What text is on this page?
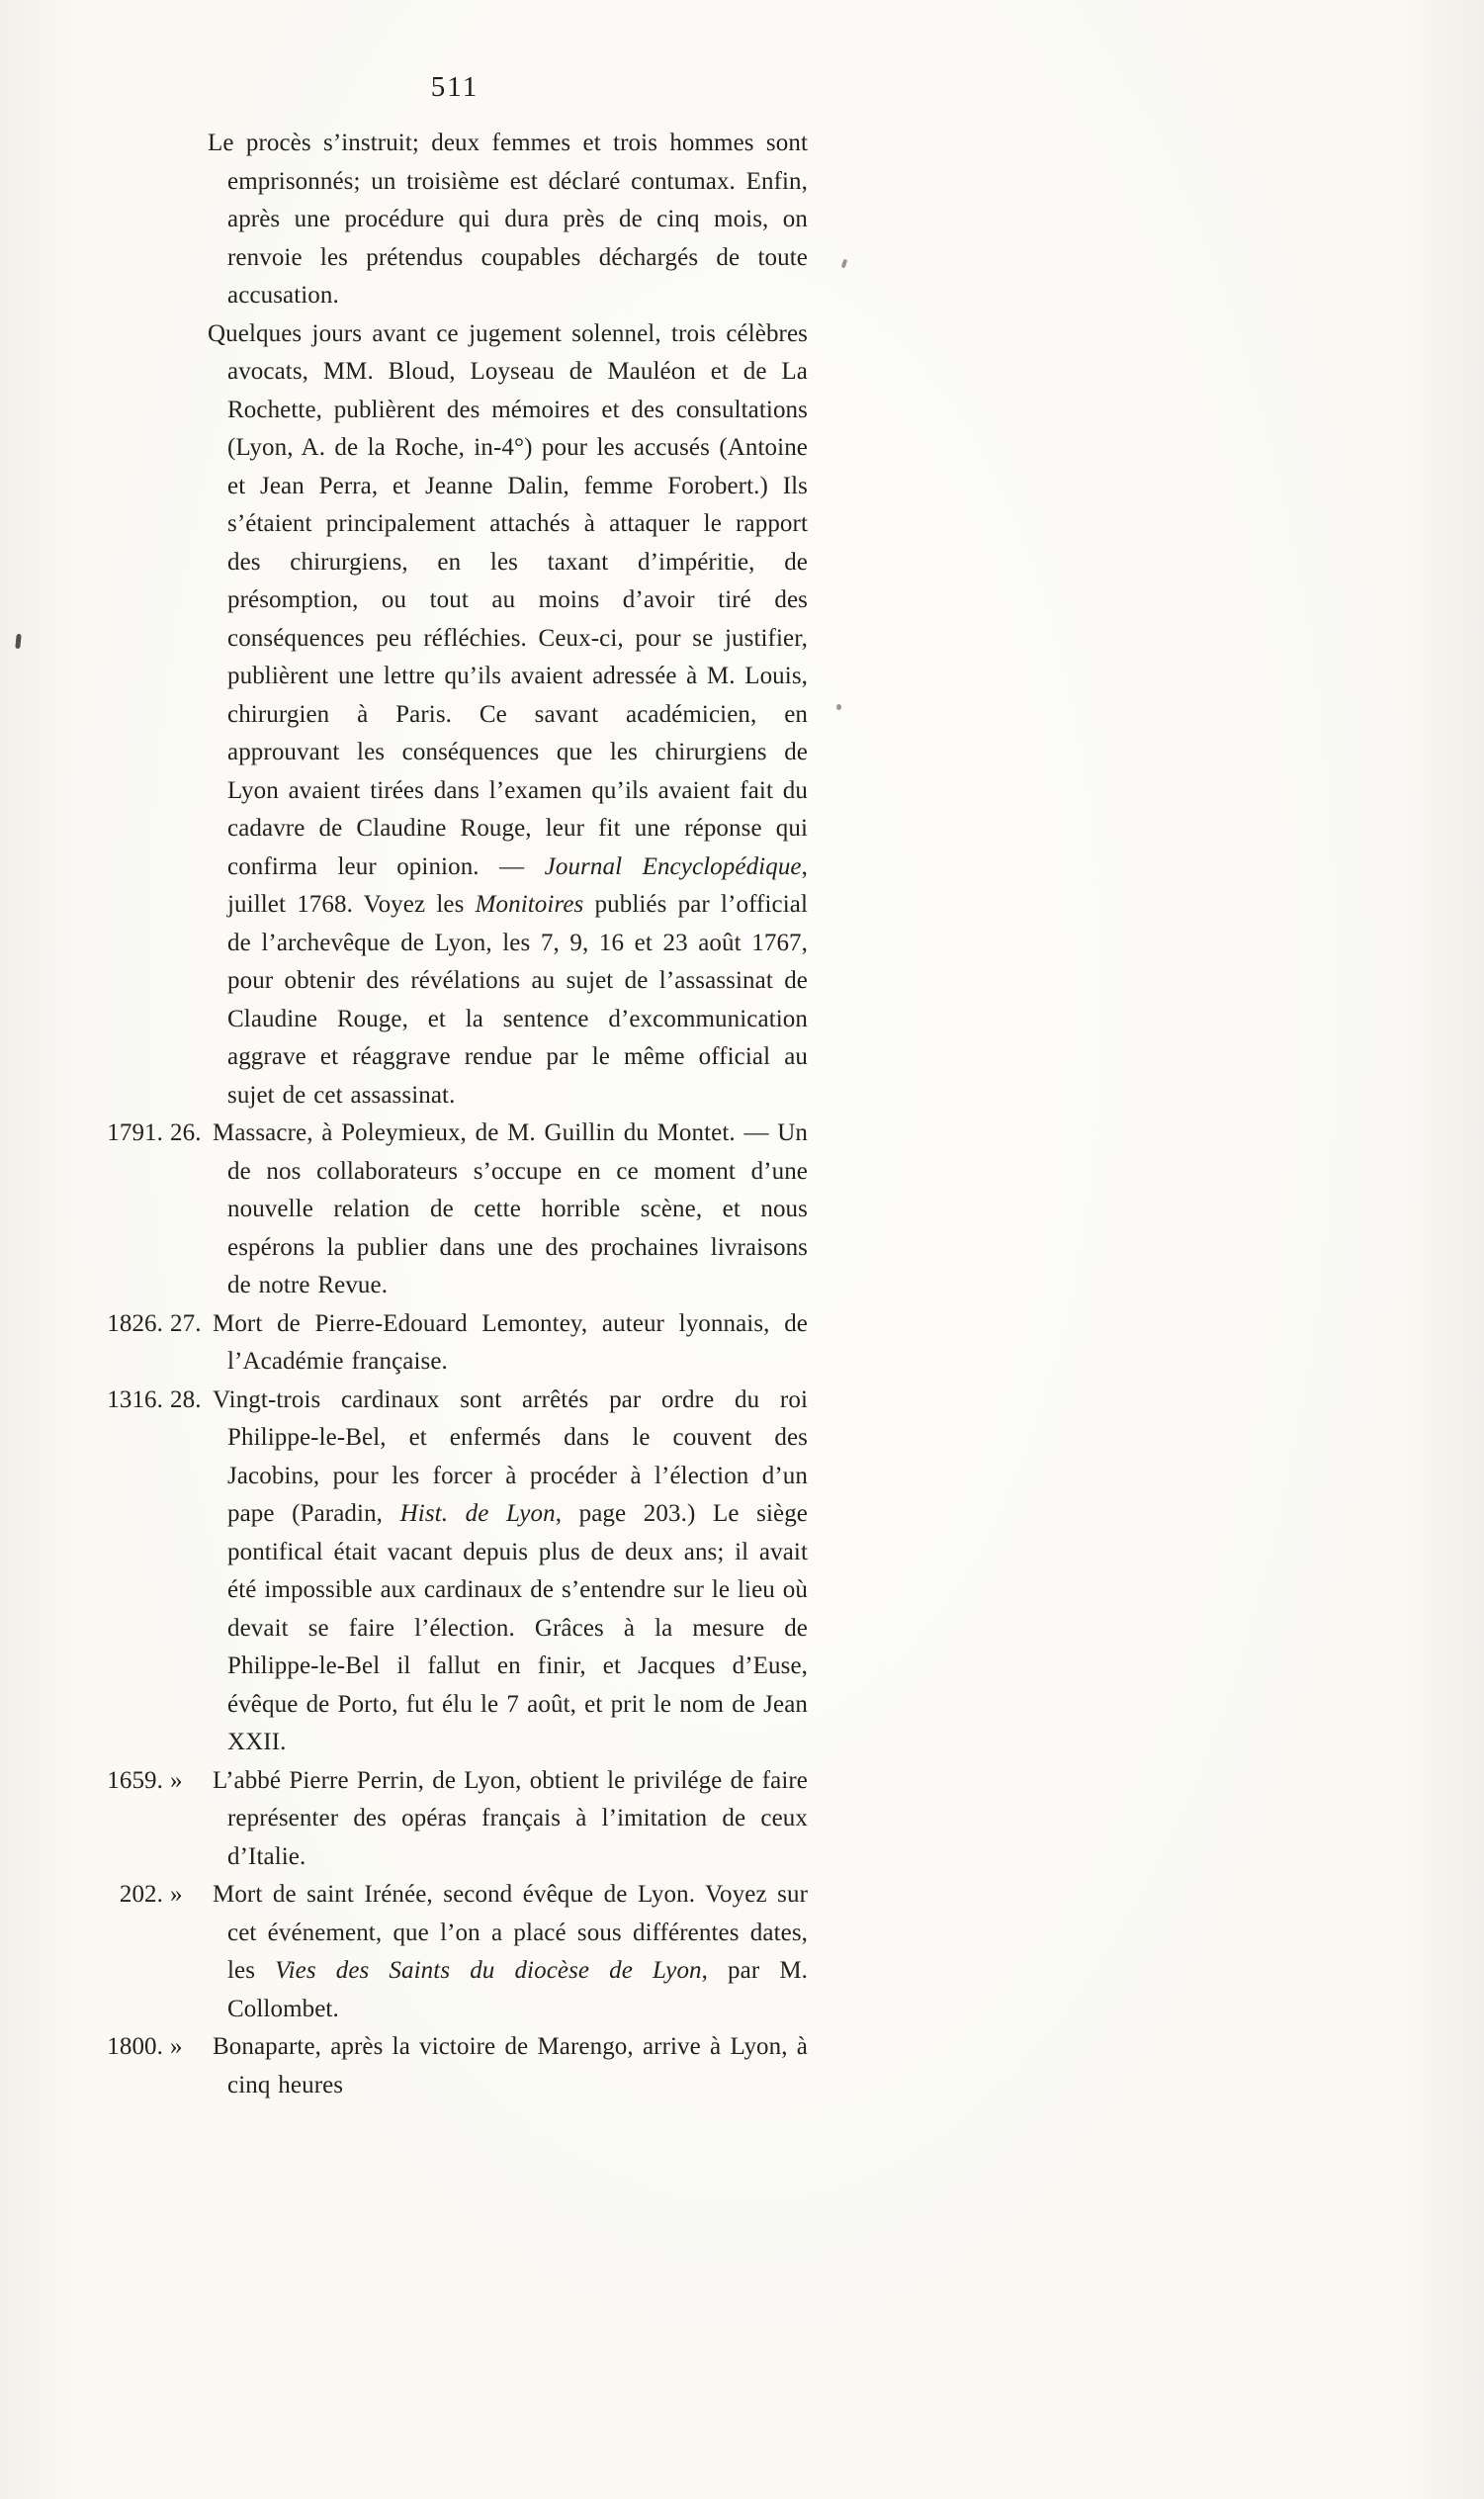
511

Le procès s’instruit; deux femmes et trois hommes sont emprisonnés; un troisième est déclaré contumax. Enfin, après une procédure qui dura près de cinq mois, on renvoie les prétendus coupables déchargés de toute accusation.

Quelques jours avant ce jugement solennel, trois célèbres avocats, MM. Bloud, Loyseau de Mauléon et de La Rochette, publièrent des mémoires et des consultations (Lyon, A. de la Roche, in-4°) pour les accusés (Antoine et Jean Perra, et Jeanne Dalin, femme Forobert.) Ils s’étaient principalement attachés à attaquer le rapport des chirurgiens, en les taxant d’impéritie, de présomption, ou tout au moins d’avoir tiré des conséquences peu réfléchies. Ceux-ci, pour se justifier, publièrent une lettre qu’ils avaient adressée à M. Louis, chirurgien à Paris. Ce savant académicien, en approuvant les conséquences que les chirurgiens de Lyon avaient tirées dans l’examen qu’ils avaient fait du cadavre de Claudine Rouge, leur fit une réponse qui confirma leur opinion. — Journal Encyclopédique, juillet 1768. Voyez les Monitoires publiés par l’official de l’archevêque de Lyon, les 7, 9, 16 et 23 août 1767, pour obtenir des révélations au sujet de l’assassinat de Claudine Rouge, et la sentence d’excommunication aggrave et réaggrave rendue par le même official au sujet de cet assassinat.

1791. 26. Massacre, à Poleymieux, de M. Guillin du Montet. — Un de nos collaborateurs s’occupe en ce moment d’une nouvelle relation de cette horrible scène, et nous espérons la publier dans une des prochaines livraisons de notre Revue.

1826. 27. Mort de Pierre-Edouard Lemontey, auteur lyonnais, de l’Académie française.

1316. 28. Vingt-trois cardinaux sont arrêtés par ordre du roi Philippe-le-Bel, et enfermés dans le couvent des Jacobins, pour les forcer à procéder à l’élection d’un pape (Paradin, Hist. de Lyon, page 203.) Le siège pontifical était vacant depuis plus de deux ans; il avait été impossible aux cardinaux de s’entendre sur le lieu où devait se faire l’élection. Grâces à la mesure de Philippe-le-Bel il fallut en finir, et Jacques d’Euse, évêque de Porto, fut élu le 7 août, et prit le nom de Jean XXII.

1659. » L’abbé Pierre Perrin, de Lyon, obtient le privilége de faire représenter des opéras français à l’imitation de ceux d’Italie.

202. » Mort de saint Irénée, second évêque de Lyon. Voyez sur cet événement, que l’on a placé sous différentes dates, les Vies des Saints du diocèse de Lyon, par M. Collombet.

1800. » Bonaparte, après la victoire de Marengo, arrive à Lyon, à cinq heures
